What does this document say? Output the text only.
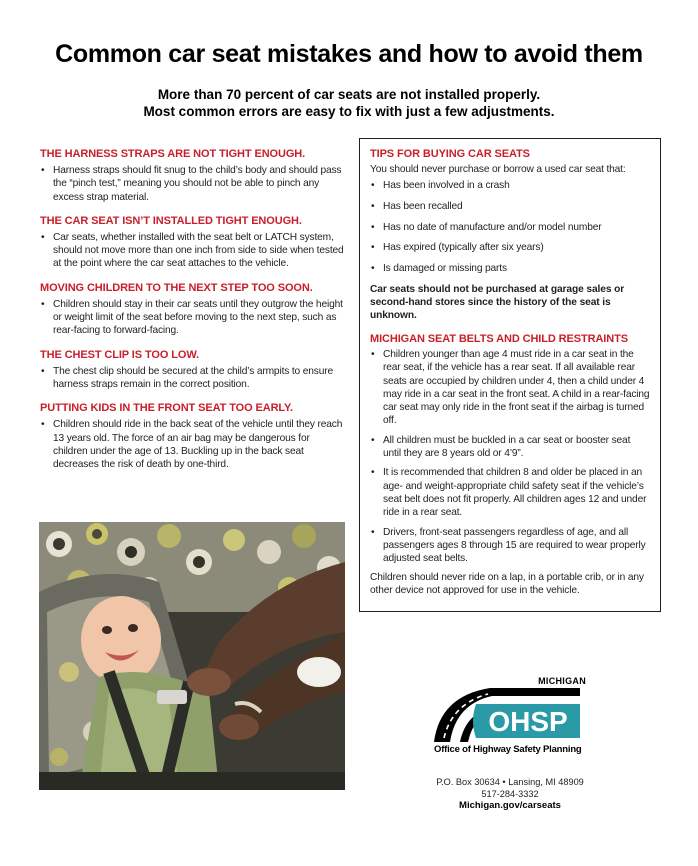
Common car seat mistakes and how to avoid them
More than 70 percent of car seats are not installed properly.
Most common errors are easy to fix with just a few adjustments.
THE HARNESS STRAPS ARE NOT TIGHT ENOUGH.
• Harness straps should fit snug to the child’s body and should pass the “pinch test,” meaning you should not be able to pinch any excess strap material.
THE CAR SEAT ISN’T INSTALLED TIGHT ENOUGH.
• Car seats, whether installed with the seat belt or LATCH system, should not move more than one inch from side to side when tested at the point where the car seat attaches to the vehicle.
MOVING CHILDREN TO THE NEXT STEP TOO SOON.
• Children should stay in their car seats until they outgrow the height or weight limit of the seat before moving to the next step, such as rear-facing to forward-facing.
THE CHEST CLIP IS TOO LOW.
• The chest clip should be secured at the child’s armpits to ensure harness straps remain in the correct position.
PUTTING KIDS IN THE FRONT SEAT TOO EARLY.
• Children should ride in the back seat of the vehicle until they reach 13 years old. The force of an air bag may be dangerous for children under the age of 13. Buckling up in the back seat decreases the risk of death by one-third.
TIPS FOR BUYING CAR SEATS
You should never purchase or borrow a used car seat that:
• Has been involved in a crash
• Has been recalled
• Has no date of manufacture and/or model number
• Has expired (typically after six years)
• Is damaged or missing parts
Car seats should not be purchased at garage sales or second-hand stores since the history of the seat is unknown.
MICHIGAN SEAT BELTS AND CHILD RESTRAINTS
• Children younger than age 4 must ride in a car seat in the rear seat, if the vehicle has a rear seat. If all available rear seats are occupied by children under 4, then a child under 4 may ride in a car seat in the front seat. A child in a rear-facing car seat may only ride in the front seat if the airbag is turned off.
• All children must be buckled in a car seat or booster seat until they are 8 years old or 4’9”.
• It is recommended that children 8 and older be placed in an age- and weight-appropriate child safety seat if the vehicle’s seat belt does not fit properly. All children ages 12 and under ride in a rear seat.
• Drivers, front-seat passengers regardless of age, and all passengers ages 8 through 15 are required to wear properly adjusted seat belts.
Children should never ride on a lap, in a portable crib, or in any other device not approved for use in the vehicle.
MICHIGAN
OHSP
Office of Highway Safety Planning
P.O. Box 30634 • Lansing, MI 48909
517-284-3332
Michigan.gov/carseats
